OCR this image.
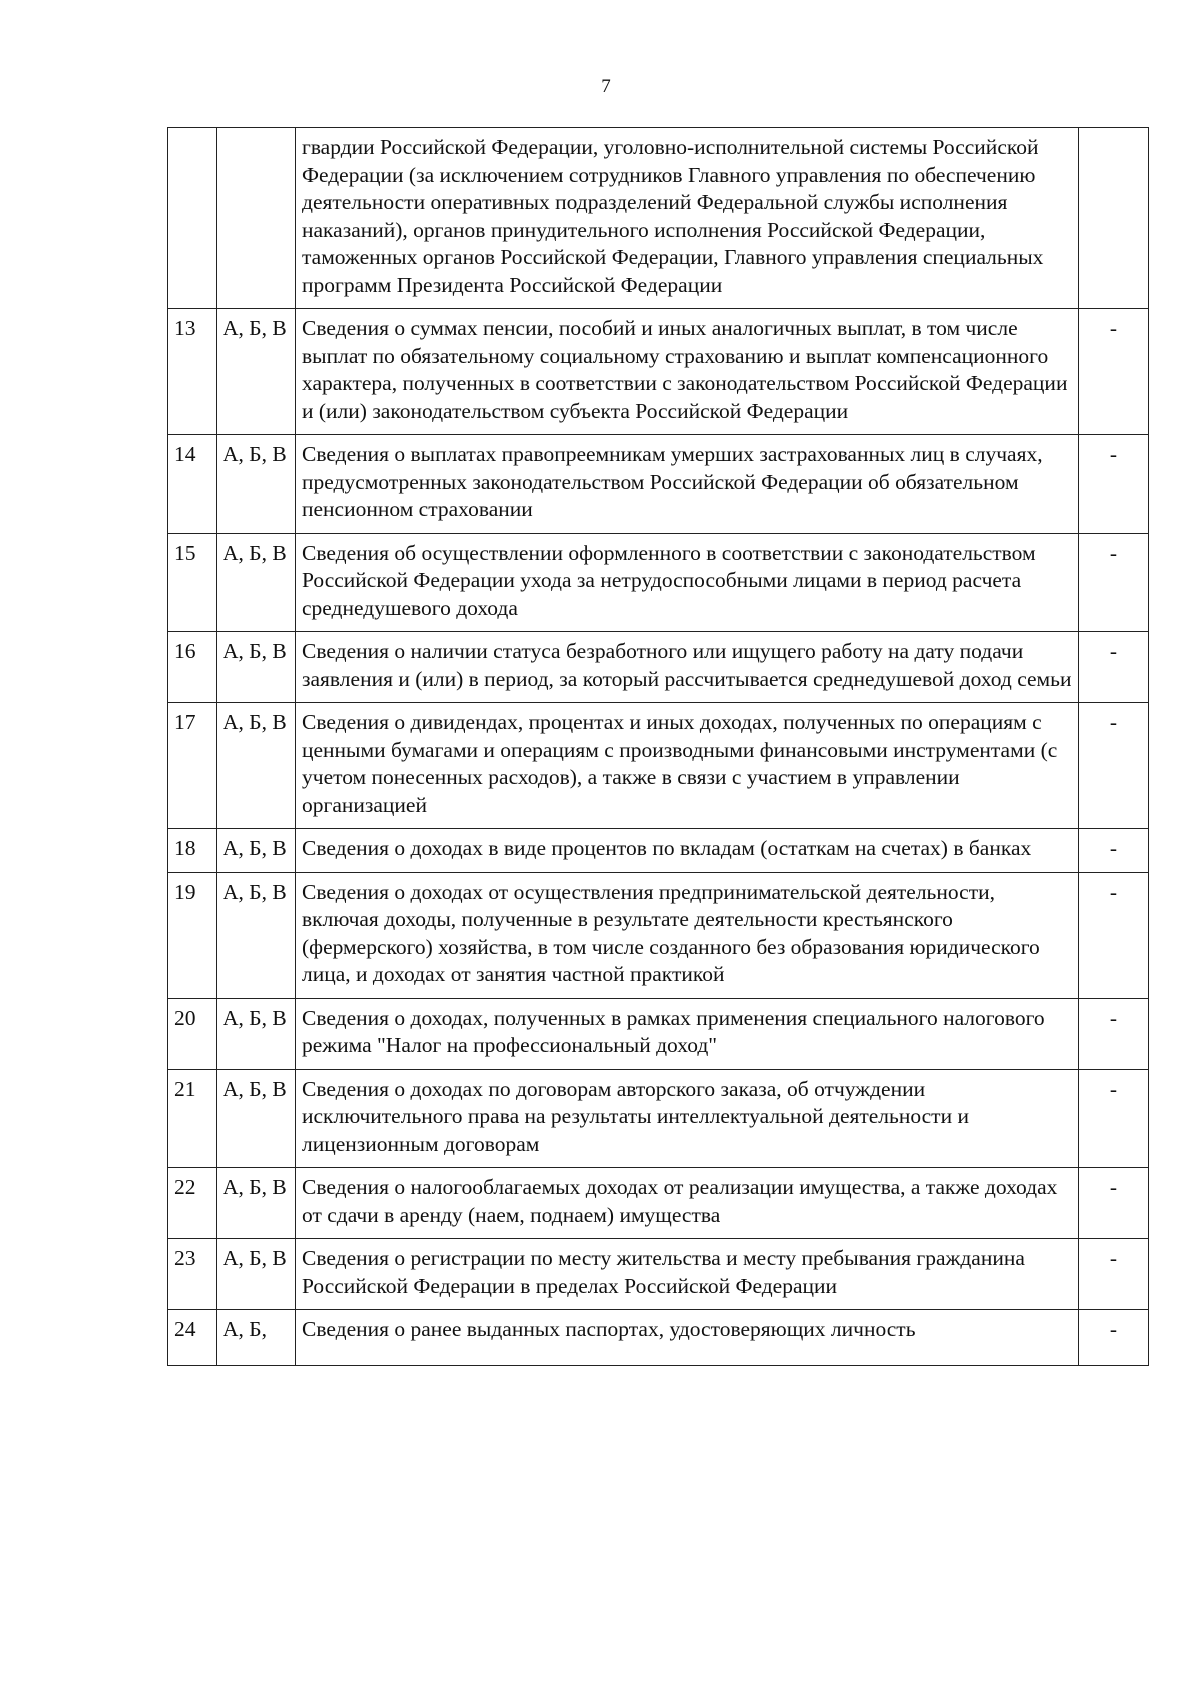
7
		гвардии Российской Федерации, уголовно-исполнительной системы Российской Федерации (за исключением сотрудников Главного управления по обеспечению деятельности оперативных подразделений Федеральной службы исполнения наказаний), органов принудительного исполнения Российской Федерации, таможенных органов Российской Федерации, Главного управления специальных программ Президента Российской Федерации	
13	А, Б, В	Сведения о суммах пенсии, пособий и иных аналогичных выплат, в том числе выплат по обязательному социальному страхованию и выплат компенсационного характера, полученных в соответствии с законодательством Российской Федерации и (или) законодательством субъекта Российской Федерации	-
14	А, Б, В	Сведения о выплатах правопреемникам умерших застрахованных лиц в случаях, предусмотренных законодательством Российской Федерации об обязательном пенсионном страховании	-
15	А, Б, В	Сведения об осуществлении оформленного в соответствии с законодательством Российской Федерации ухода за нетрудоспособными лицами в период расчета среднедушевого дохода	-
16	А, Б, В	Сведения о наличии статуса безработного или ищущего работу на дату подачи заявления и (или) в период, за который рассчитывается среднедушевой доход семьи	-
17	А, Б, В	Сведения о дивидендах, процентах и иных доходах, полученных по операциям с ценными бумагами и операциям с производными финансовыми инструментами (с учетом понесенных расходов), а также в связи с участием в управлении организацией	-
18	А, Б, В	Сведения о доходах в виде процентов по вкладам (остаткам на счетах) в банках	-
19	А, Б, В	Сведения о доходах от осуществления предпринимательской деятельности, включая доходы, полученные в результате деятельности крестьянского (фермерского) хозяйства, в том числе созданного без образования юридического лица, и доходах от занятия частной практикой	-
20	А, Б, В	Сведения о доходах, полученных в рамках применения специального налогового режима "Налог на профессиональный доход"	-
21	А, Б, В	Сведения о доходах по договорам авторского заказа, об отчуждении исключительного права на результаты интеллектуальной деятельности и лицензионным договорам	-
22	А, Б, В	Сведения о налогооблагаемых доходах от реализации имущества, а также доходах от сдачи в аренду (наем, поднаем) имущества	-
23	А, Б, В	Сведения о регистрации по месту жительства и месту пребывания гражданина Российской Федерации в пределах Российской Федерации	-
24	А, Б,	Сведения о ранее выданных паспортах, удостоверяющих личность	-
